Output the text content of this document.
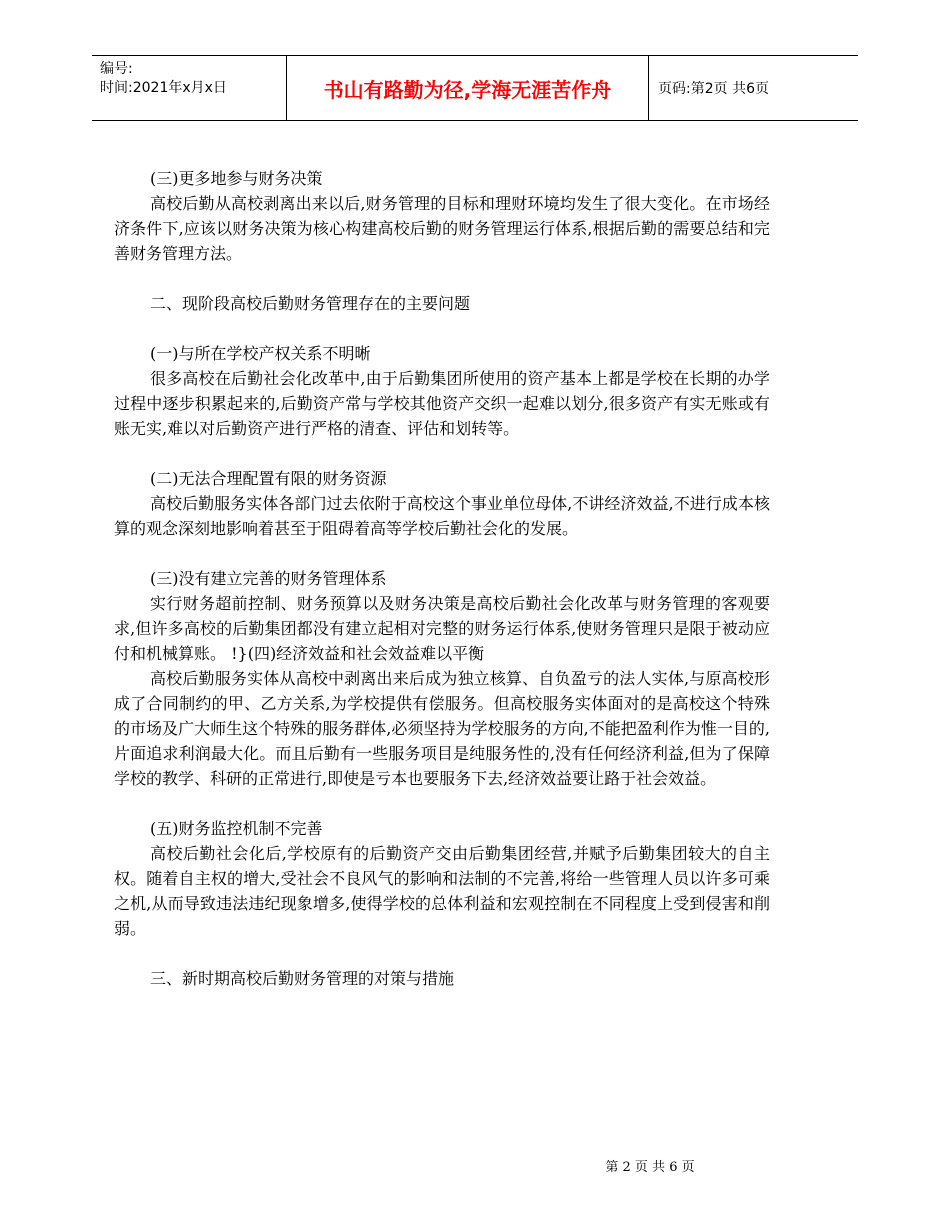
编号:
时间:2021年x月x日	书山有路勤为径,学海无涯苦作舟	页码:第2页 共6页

(三)更多地参与财务决策

高校后勤从高校剥离出来以后,财务管理的目标和理财环境均发生了很大变化。在市场经济条件下,应该以财务决策为核心构建高校后勤的财务管理运行体系,根据后勤的需要总结和完善财务管理方法。

二、现阶段高校后勤财务管理存在的主要问题

(一)与所在学校产权关系不明晰

很多高校在后勤社会化改革中,由于后勤集团所使用的资产基本上都是学校在长期的办学过程中逐步积累起来的,后勤资产常与学校其他资产交织一起难以划分,很多资产有实无账或有账无实,难以对后勤资产进行严格的清查、评估和划转等。

(二)无法合理配置有限的财务资源

高校后勤服务实体各部门过去依附于高校这个事业单位母体,不讲经济效益,不进行成本核算的观念深刻地影响着甚至于阻碍着高等学校后勤社会化的发展。

(三)没有建立完善的财务管理体系

实行财务超前控制、财务预算以及财务决策是高校后勤社会化改革与财务管理的客观要求,但许多高校的后勤集团都没有建立起相对完整的财务运行体系,使财务管理只是限于被动应付和机械算账。 !}(四)经济效益和社会效益难以平衡

高校后勤服务实体从高校中剥离出来后成为独立核算、自负盈亏的法人实体,与原高校形成了合同制约的甲、乙方关系,为学校提供有偿服务。但高校服务实体面对的是高校这个特殊的市场及广大师生这个特殊的服务群体,必须坚持为学校服务的方向,不能把盈利作为惟一目的,片面追求利润最大化。而且后勤有一些服务项目是纯服务性的,没有任何经济利益,但为了保障学校的教学、科研的正常进行,即使是亏本也要服务下去,经济效益要让路于社会效益。

(五)财务监控机制不完善

高校后勤社会化后,学校原有的后勤资产交由后勤集团经营,并赋予后勤集团较大的自主权。随着自主权的增大,受社会不良风气的影响和法制的不完善,将给一些管理人员以许多可乘之机,从而导致违法违纪现象增多,使得学校的总体利益和宏观控制在不同程度上受到侵害和削弱。

三、新时期高校后勤财务管理的对策与措施

第 2 页 共 6 页
